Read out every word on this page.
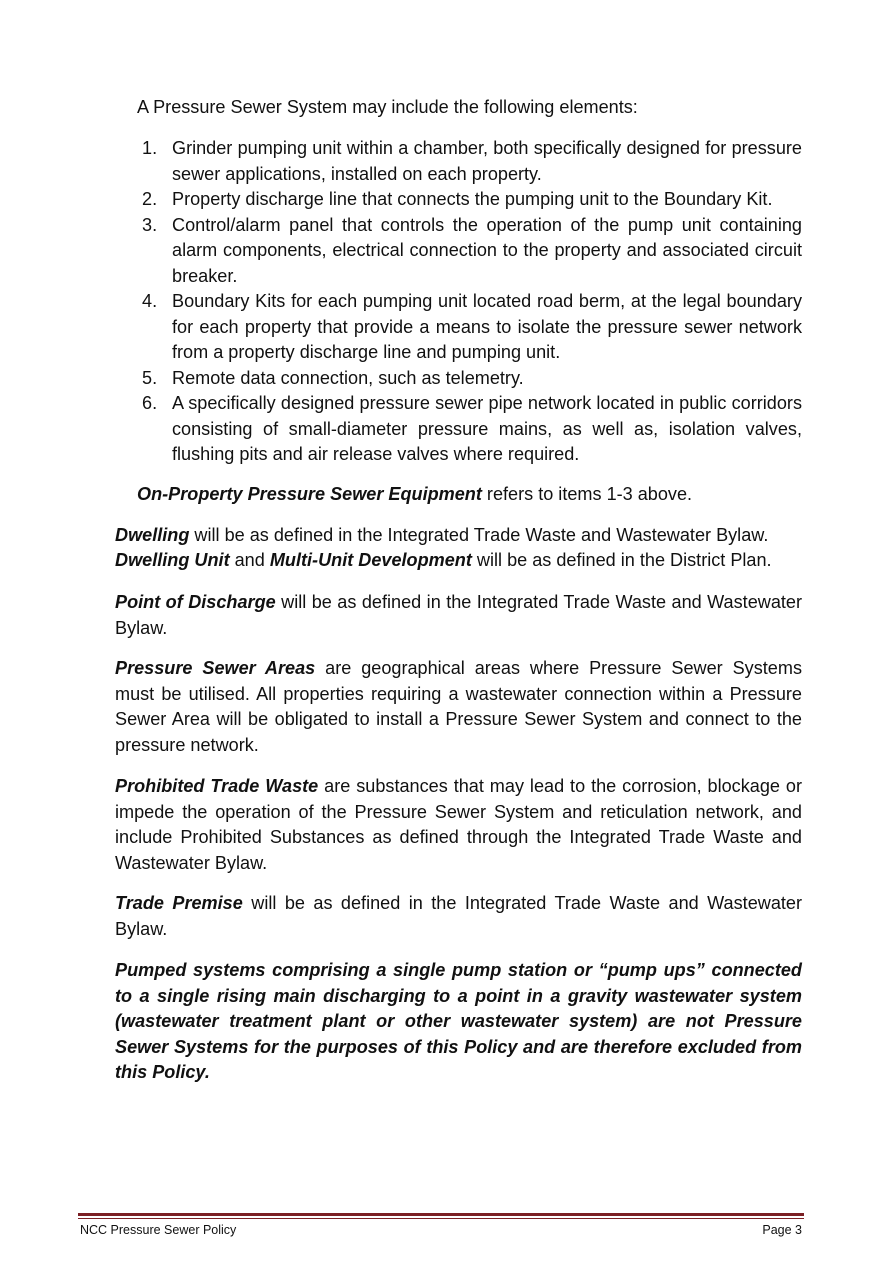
A Pressure Sewer System may include the following elements:

1. Grinder pumping unit within a chamber, both specifically designed for pressure sewer applications, installed on each property.
2. Property discharge line that connects the pumping unit to the Boundary Kit.
3. Control/alarm panel that controls the operation of the pump unit containing alarm components, electrical connection to the property and associated circuit breaker.
4. Boundary Kits for each pumping unit located road berm, at the legal boundary for each property that provide a means to isolate the pressure sewer network from a property discharge line and pumping unit.
5. Remote data connection, such as telemetry.
6. A specifically designed pressure sewer pipe network located in public corridors consisting of small-diameter pressure mains, as well as, isolation valves, flushing pits and air release valves where required.

On-Property Pressure Sewer Equipment refers to items 1-3 above.

Dwelling will be as defined in the Integrated Trade Waste and Wastewater Bylaw.

Dwelling Unit and Multi-Unit Development will be as defined in the District Plan.

Point of Discharge will be as defined in the Integrated Trade Waste and Wastewater Bylaw.

Pressure Sewer Areas are geographical areas where Pressure Sewer Systems must be utilised. All properties requiring a wastewater connection within a Pressure Sewer Area will be obligated to install a Pressure Sewer System and connect to the pressure network.

Prohibited Trade Waste are substances that may lead to the corrosion, blockage or impede the operation of the Pressure Sewer System and reticulation network, and include Prohibited Substances as defined through the Integrated Trade Waste and Wastewater Bylaw.

Trade Premise will be as defined in the Integrated Trade Waste and Wastewater Bylaw.

Pumped systems comprising a single pump station or “pump ups” connected to a single rising main discharging to a point in a gravity wastewater system (wastewater treatment plant or other wastewater system) are not Pressure Sewer Systems for the purposes of this Policy and are therefore excluded from this Policy.

NCC Pressure Sewer Policy	Page 3
